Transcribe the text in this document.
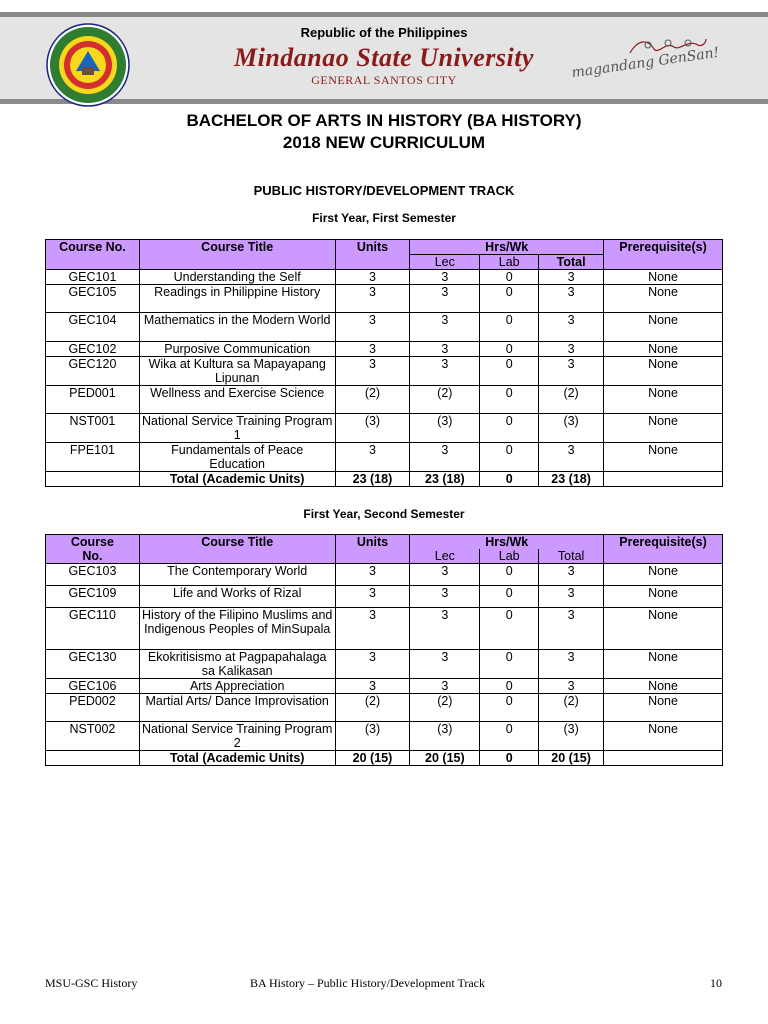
Republic of the Philippines
Mindanao State University
GENERAL SANTOS CITY	magandang GenSan!
BACHELOR OF ARTS IN HISTORY (BA HISTORY)
2018 NEW CURRICULUM
PUBLIC HISTORY/DEVELOPMENT TRACK
First Year, First Semester
Course No.	Course Title	Units	Hrs/Wk			Prerequisite(s)
			Lec	Lab	Total	
GEC101	Understanding the Self	3	3	0	3	None
GEC105	Readings in Philippine History	3	3	0	3	None
GEC104	Mathematics in the Modern World	3	3	0	3	None
GEC102	Purposive Communication	3	3	0	3	None
GEC120	Wika at Kultura sa Mapayapang Lipunan	3	3	0	3	None
PED001	Wellness and Exercise Science	(2)	(2)	0	(2)	None
NST001	National Service Training Program 1	(3)	(3)	0	(3)	None
FPE101	Fundamentals of Peace Education	3	3	0	3	None
	Total (Academic Units)	23 (18)	23 (18)	0	23 (18)	
First Year, Second Semester
Course
No.	Course Title	Units	Hrs/Wk			Prerequisite(s)
			Lec	Lab	Total	
GEC103	The Contemporary World	3	3	0	3	None
GEC109	Life and Works of Rizal	3	3	0	3	None
GEC110	History of the Filipino Muslims and Indigenous Peoples of MinSupala	3	3	0	3	None
GEC130	Ekokritisismo at Pagpapahalaga sa Kalikasan	3	3	0	3	None
GEC106	Arts Appreciation	3	3	0	3	None
PED002	Martial Arts/ Dance Improvisation	(2)	(2)	0	(2)	None
NST002	National Service Training Program 2	(3)	(3)	0	(3)	None
	Total (Academic Units)	20 (15)	20 (15)	0	20 (15)	
MSU-GSC History	BA History – Public History/Development Track	10
